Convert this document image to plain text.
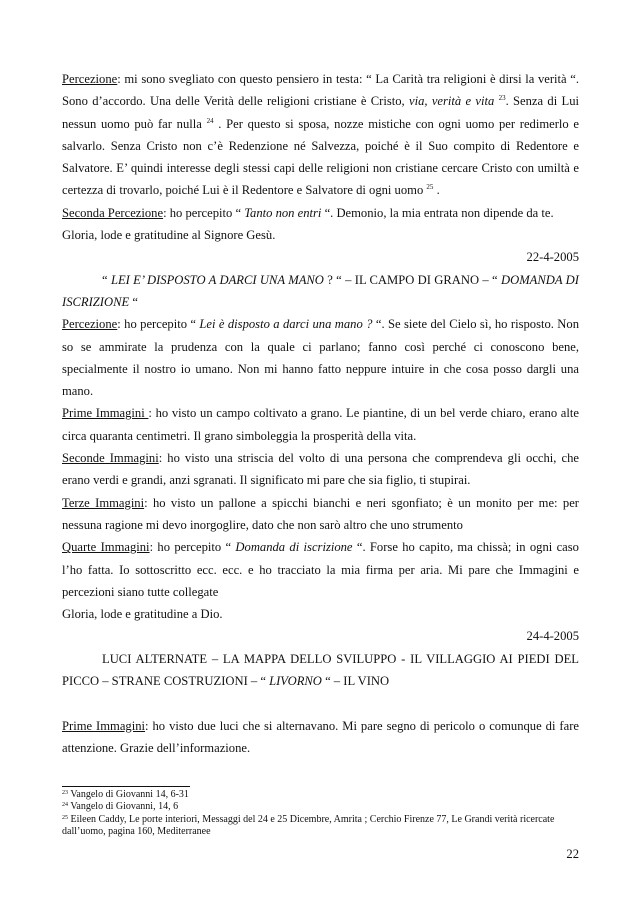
Percezione: mi sono svegliato con questo pensiero in testa: “ La Carità tra religioni è dirsi la verità “. Sono d’accordo. Una delle Verità delle religioni cristiane è Cristo, via, verità e vita $^{23}$. Senza di Lui nessun uomo può far nulla $^{24}$ . Per questo si sposa, nozze mistiche con ogni uomo per redimerlo e salvarlo. Senza Cristo non c’è Redenzione né Salvezza, poiché è il Suo compito di Redentore e Salvatore. E’ quindi interesse degli stessi capi delle religioni non cristiane cercare Cristo con umiltà e certezza di trovarlo, poiché Lui è il Redentore e Salvatore di ogni uomo $^{25}$ .

Seconda Percezione: ho percepito “ Tanto non entri “. Demonio, la mia entrata non dipende da te.

Gloria, lode e gratitudine al Signore Gesù.

22-4-2005

“ LEI E’ DISPOSTO A DARCI UNA MANO ? “ – IL CAMPO DI GRANO – “ DOMANDA DI ISCRIZIONE “

Percezione: ho percepito “ Lei è disposto a darci una mano ? “. Se siete del Cielo sì, ho risposto. Non so se ammirate la prudenza con la quale ci parlano; fanno così perché ci conoscono bene, specialmente il nostro io umano. Non mi hanno fatto neppure intuire in che cosa posso dargli una mano.

Prime Immagini : ho visto un campo coltivato a grano. Le piantine, di un bel verde chiaro, erano alte circa quaranta centimetri. Il grano simboleggia la prosperità della vita.

Seconde Immagini: ho visto una striscia del volto di una persona che comprendeva gli occhi, che erano verdi e grandi, anzi sgranati. Il significato mi pare che sia figlio, ti stupirai.

Terze Immagini: ho visto un pallone a spicchi bianchi e neri sgonfiato; è un monito per me: per nessuna ragione mi devo inorgoglire, dato che non sarò altro che uno strumento

Quarte Immagini: ho percepito “ Domanda di iscrizione “. Forse ho capito, ma chissà; in ogni caso l’ho fatta. Io sottoscritto ecc. ecc. e ho tracciato la mia firma per aria. Mi pare che Immagini e percezioni siano tutte collegate

Gloria, lode e gratitudine a Dio.

24-4-2005

LUCI ALTERNATE – LA MAPPA DELLO SVILUPPO - IL VILLAGGIO AI PIEDI DEL PICCO – STRANE COSTRUZIONI – “ LIVORNO “ – IL VINO

Prime Immagini: ho visto due luci che si alternavano. Mi pare segno di pericolo o comunque di fare attenzione. Grazie dell’informazione.

$^{23}$ Vangelo di Giovanni 14, 6-31
$^{24}$ Vangelo di Giovanni, 14, 6
$^{25}$ Eileen Caddy, Le porte interiori, Messaggi del 24 e 25 Dicembre, Amrita ; Cerchio Firenze 77, Le Grandi verità ricercate dall’uomo, pagina 160, Mediterranee
22
